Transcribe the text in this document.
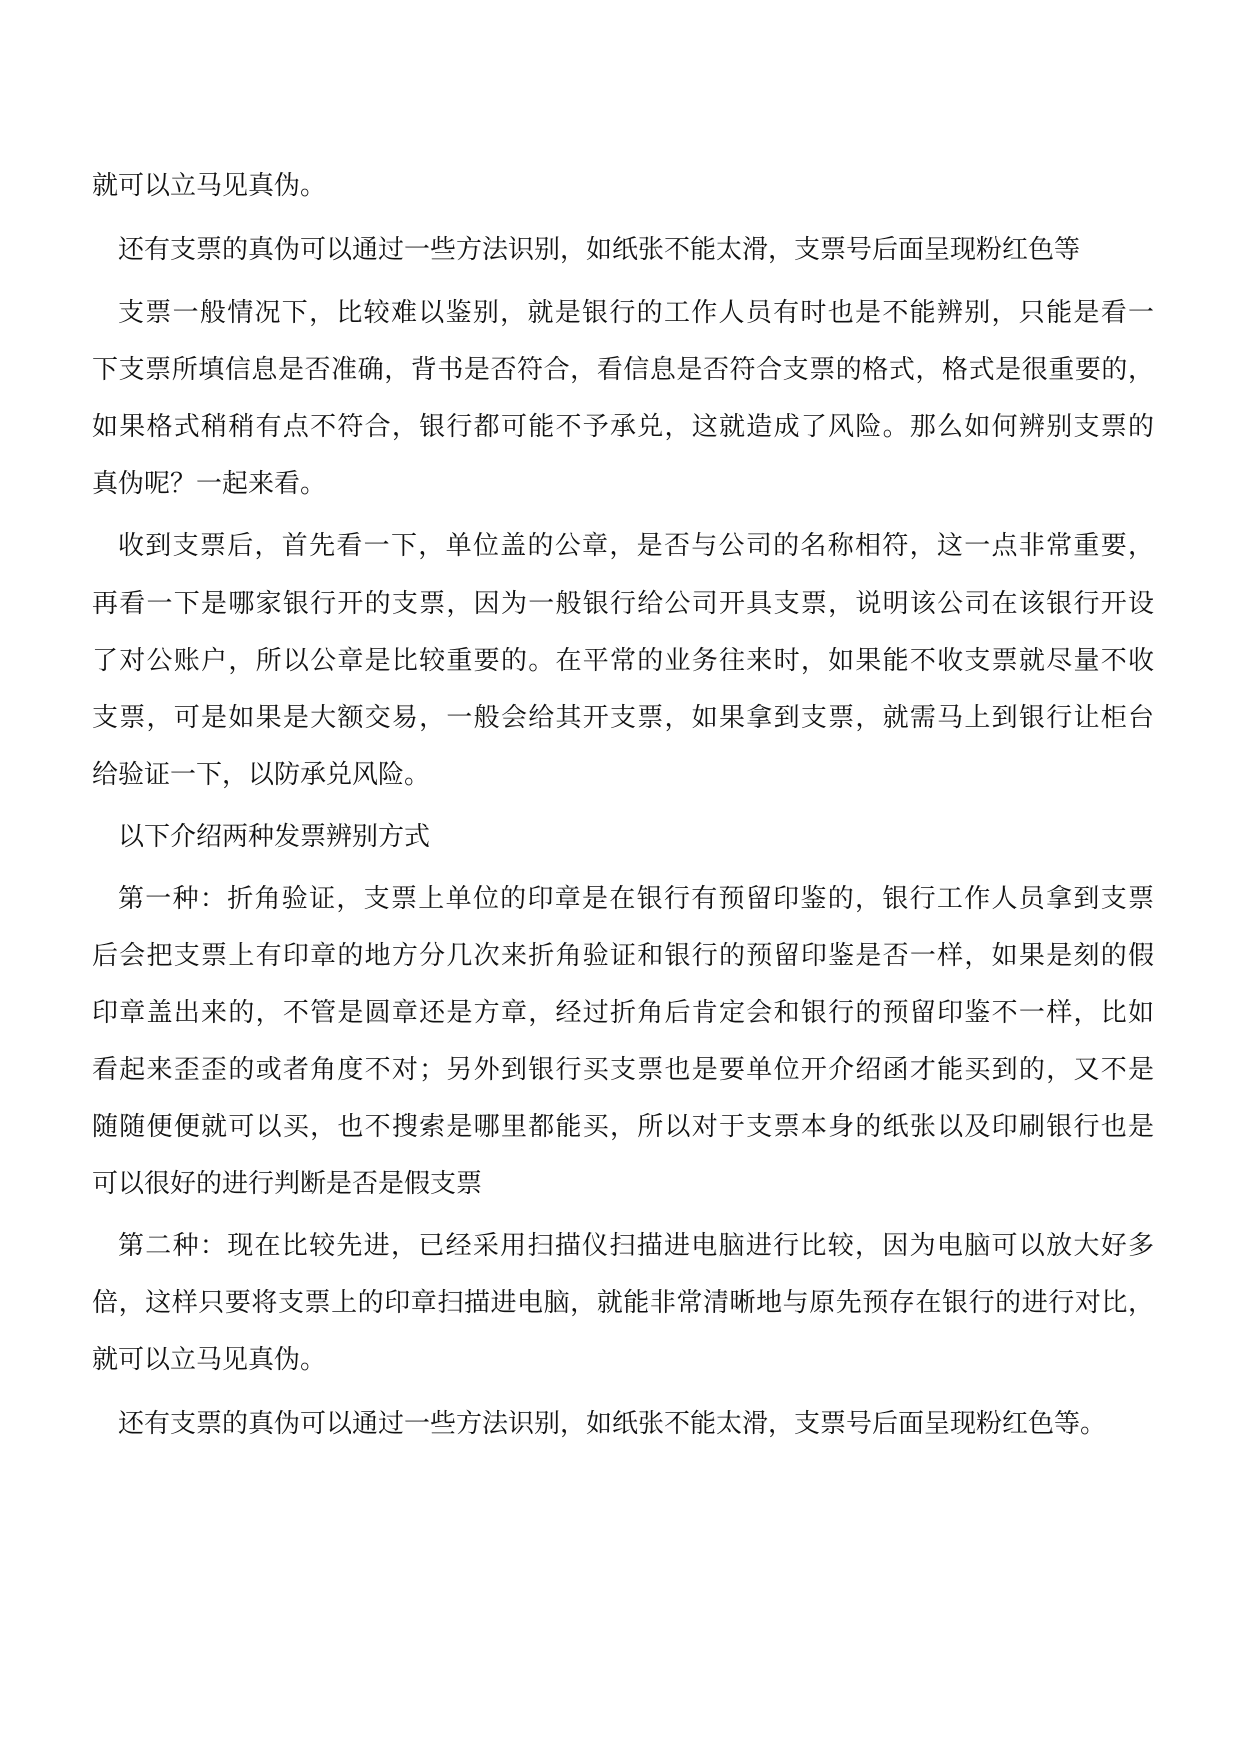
就可以立马见真伪。
还有支票的真伪可以通过一些方法识别，如纸张不能太滑，支票号后面呈现粉红色等
支票一般情况下，比较难以鉴别，就是银行的工作人员有时也是不能辨别，只能是看一
下支票所填信息是否准确，背书是否符合，看信息是否符合支票的格式，格式是很重要的，
如果格式稍稍有点不符合，银行都可能不予承兑，这就造成了风险。那么如何辨别支票的
真伪呢？一起来看。
收到支票后，首先看一下，单位盖的公章，是否与公司的名称相符，这一点非常重要，
再看一下是哪家银行开的支票，因为一般银行给公司开具支票，说明该公司在该银行开设
了对公账户，所以公章是比较重要的。在平常的业务往来时，如果能不收支票就尽量不收
支票，可是如果是大额交易，一般会给其开支票，如果拿到支票，就需马上到银行让柜台
给验证一下，以防承兑风险。
以下介绍两种发票辨别方式
第一种：折角验证，支票上单位的印章是在银行有预留印鉴的，银行工作人员拿到支票
后会把支票上有印章的地方分几次来折角验证和银行的预留印鉴是否一样，如果是刻的假
印章盖出来的，不管是圆章还是方章，经过折角后肯定会和银行的预留印鉴不一样，比如
看起来歪歪的或者角度不对；另外到银行买支票也是要单位开介绍函才能买到的，又不是
随随便便就可以买，也不搜索是哪里都能买，所以对于支票本身的纸张以及印刷银行也是
可以很好的进行判断是否是假支票
第二种：现在比较先进，已经采用扫描仪扫描进电脑进行比较，因为电脑可以放大好多
倍，这样只要将支票上的印章扫描进电脑，就能非常清晰地与原先预存在银行的进行对比，
就可以立马见真伪。
还有支票的真伪可以通过一些方法识别，如纸张不能太滑，支票号后面呈现粉红色等。
